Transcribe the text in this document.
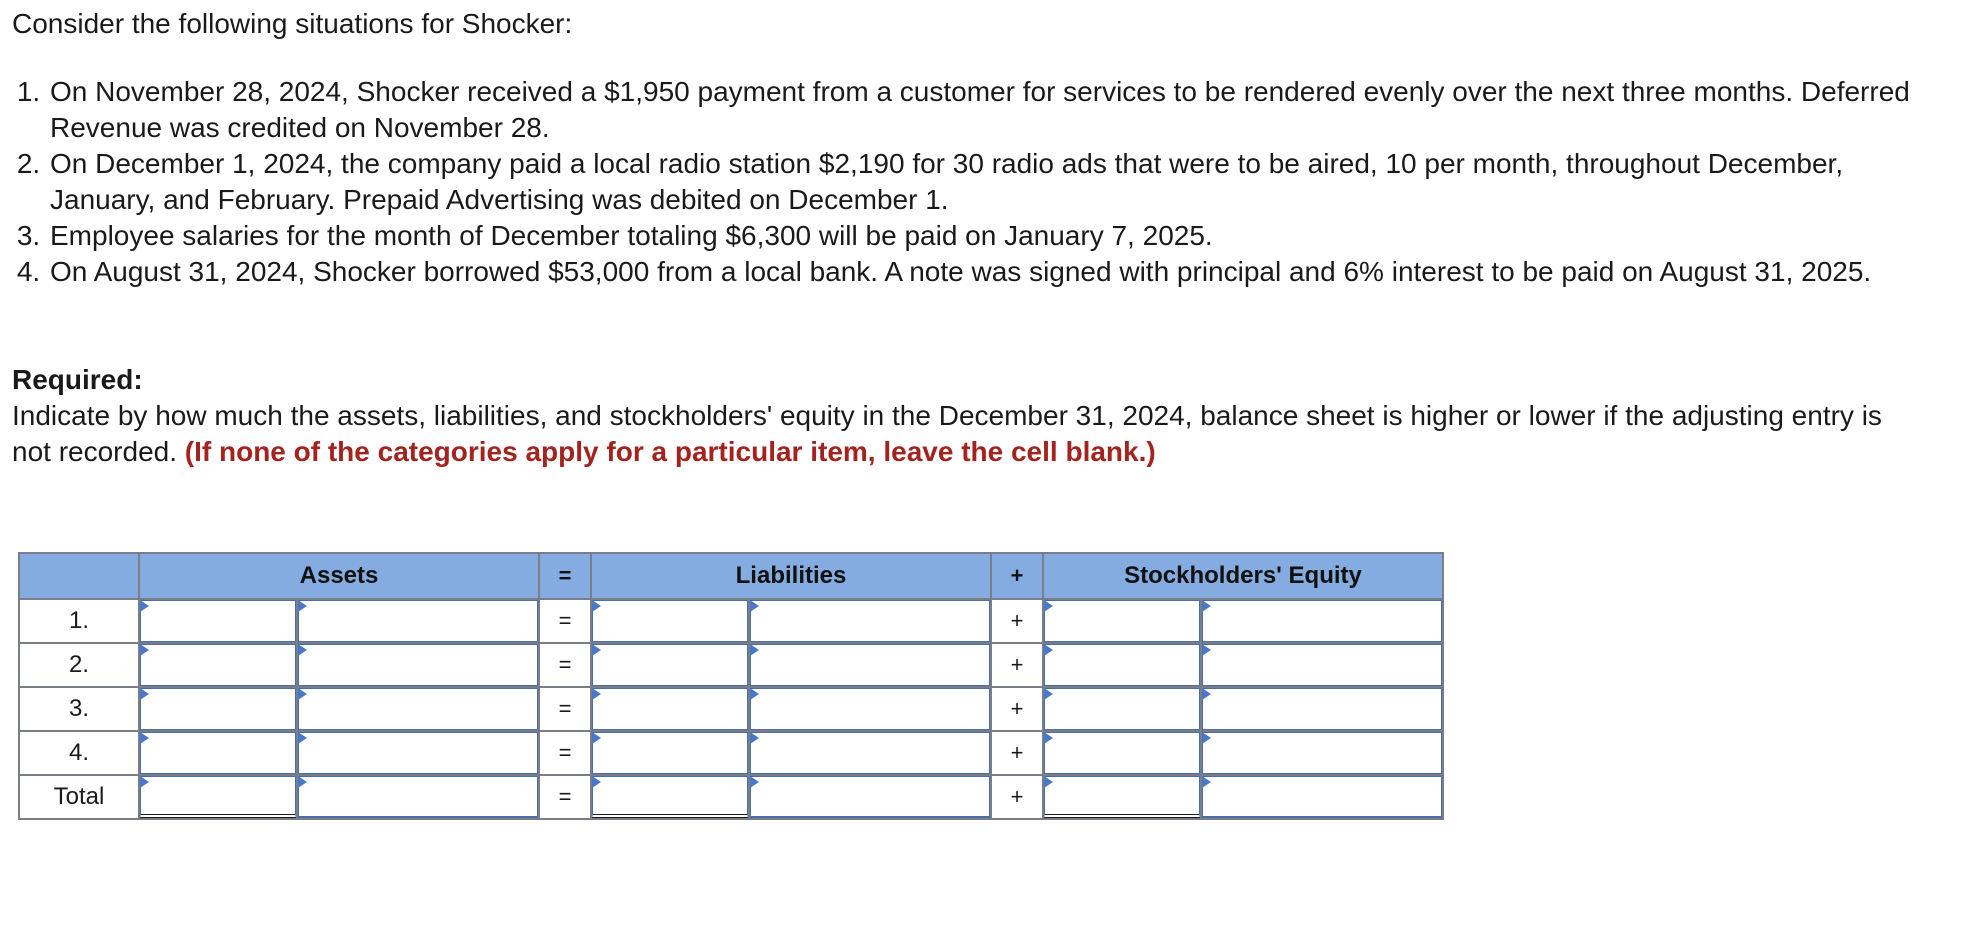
Consider the following situations for Shocker:

1. On November 28, 2024, Shocker received a $1,950 payment from a customer for services to be rendered evenly over the next three months. Deferred Revenue was credited on November 28.
2. On December 1, 2024, the company paid a local radio station $2,190 for 30 radio ads that were to be aired, 10 per month, throughout December, January, and February. Prepaid Advertising was debited on December 1.
3. Employee salaries for the month of December totaling $6,300 will be paid on January 7, 2025.
4. On August 31, 2024, Shocker borrowed $53,000 from a local bank. A note was signed with principal and 6% interest to be paid on August 31, 2025.

Required:

Indicate by how much the assets, liabilities, and stockholders' equity in the December 31, 2024, balance sheet is higher or lower if the adjusting entry is not recorded. (If none of the categories apply for a particular item, leave the cell blank.)

	Assets		=	Liabilities		+	Stockholders' Equity	
1.			=			+		
2.			=			+		
3.			=			+		
4.			=			+		
Total			=			+		
